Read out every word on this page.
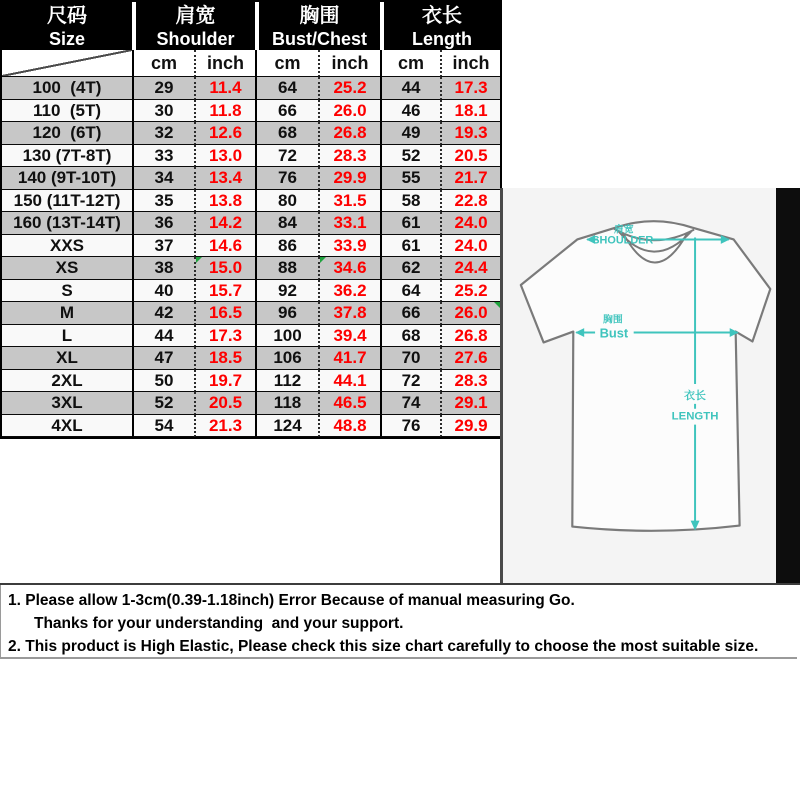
尺码
Size

肩宽
Shoulder

胸围
Bust/Chest

衣长
Length

	cm	inch	cm	inch	cm	inch
100  (4T)	29	11.4	64	25.2	44	17.3
110  (5T)	30	11.8	66	26.0	46	18.1
120  (6T)	32	12.6	68	26.8	49	19.3
130 (7T-8T)	33	13.0	72	28.3	52	20.5
140 (9T-10T)	34	13.4	76	29.9	55	21.7
150 (11T-12T)	35	13.8	80	31.5	58	22.8
160 (13T-14T)	36	14.2	84	33.1	61	24.0
XXS	37	14.6	86	33.9	61	24.0
XS	38	15.0	88	34.6	62	24.4
S	40	15.7	92	36.2	64	25.2
M	42	16.5	96	37.8	66	26.0
L	44	17.3	100	39.4	68	26.8
XL	47	18.5	106	41.7	70	27.6
2XL	50	19.7	112	44.1	72	28.3
3XL	52	20.5	118	46.5	74	29.1
4XL	54	21.3	124	48.8	76	29.9
肩宽
SHOULDER
胸围
Bust
衣长
LENGTH
1. Please allow 1-3cm(0.39-1.18inch) Error Because of manual measuring Go.
Thanks for your understanding  and your support.
2. This product is High Elastic, Please check this size chart carefully to choose the most suitable size.
